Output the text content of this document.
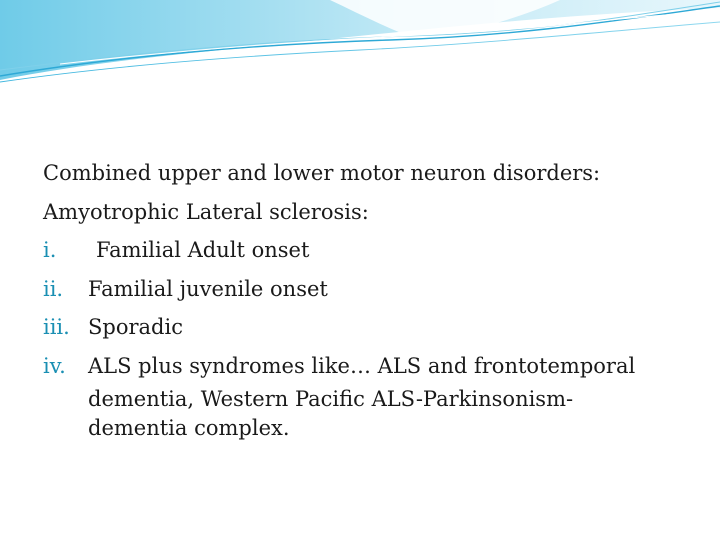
Combined upper and lower motor neuron disorders:
Amyotrophic Lateral sclerosis:
i.	Familial Adult onset
ii.	Familial juvenile onset
iii. Sporadic
iv.	ALS plus syndromes like… ALS and frontotemporal
dementia, Western Pacific ALS-Parkinsonism-
dementia complex.
